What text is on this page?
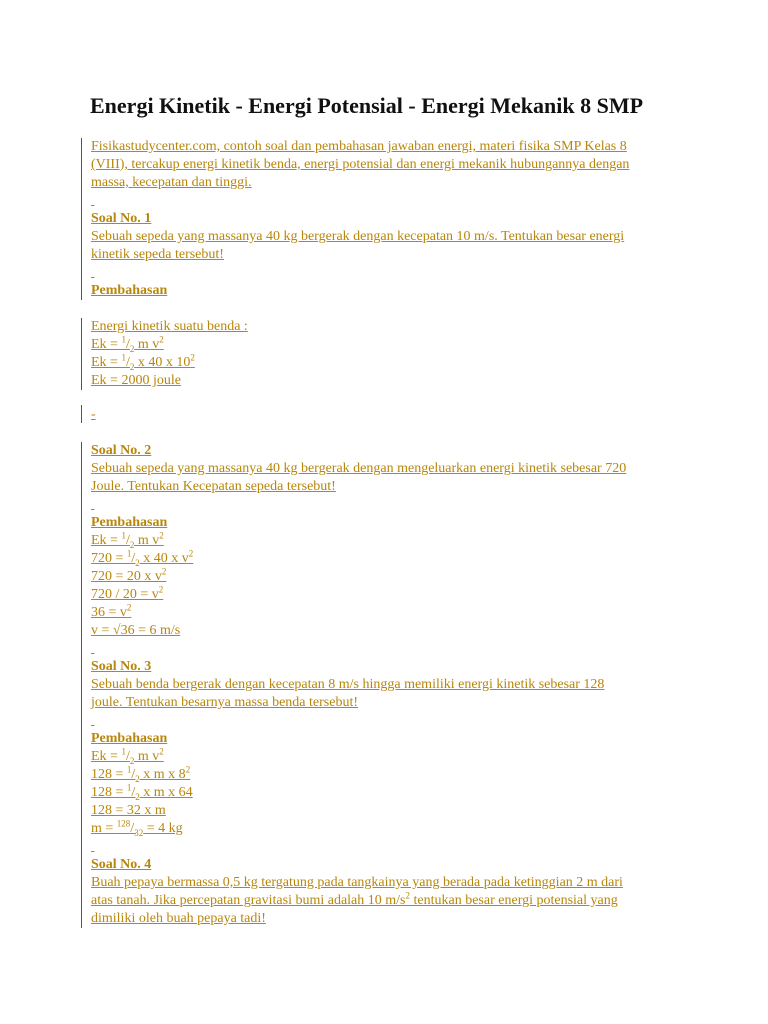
Energi Kinetik - Energi Potensial - Energi Mekanik 8 SMP
Fisikastudycenter.com, contoh soal dan pembahasan jawaban energi, materi fisika SMP Kelas 8
(VIII), tercakup energi kinetik benda, energi potensial dan energi mekanik hubungannya dengan
massa, kecepatan dan tinggi.

Soal No. 1
Sebuah sepeda yang massanya 40 kg bergerak dengan kecepatan 10 m/s. Tentukan besar energi
kinetik sepeda tersebut!

Pembahasan
Energi kinetik suatu benda :
$Ek = ^1/_2$ m $v^2$
$Ek = ^1/_2$ x 40 x $10^2$
Ek = 2000 joule
-
Soal No. 2
Sebuah sepeda yang massanya 40 kg bergerak dengan mengeluarkan energi kinetik sebesar 720
Joule. Tentukan Kecepatan sepeda tersebut!

Pembahasan
$Ek = ^1/_2$ m $v^2$
$720 = ^1/_2$ x 40 x $v^2$
720 = 20 x $v^2$
$720 / 20 = v^2$
$36 = v^2$
v = √36 = 6 m/s

Soal No. 3
Sebuah benda bergerak dengan kecepatan 8 m/s hingga memiliki energi kinetik sebesar 128
joule. Tentukan besarnya massa benda tersebut!

Pembahasan
$Ek = ^1/_2$ m $v^2$
$128 = ^1/_2$ x m x $8^2$
$128 = ^1/_2$ x m x 64
128 = 32 x m
$m = ^{128}/_{32} = 4$ kg

Soal No. 4
Buah pepaya bermassa 0,5 kg tergatung pada tangkainya yang berada pada ketinggian 2 m dari
atas tanah. Jika percepatan gravitasi bumi adalah 10 $m/s^2$ tentukan besar energi potensial yang
dimiliki oleh buah pepaya tadi!
